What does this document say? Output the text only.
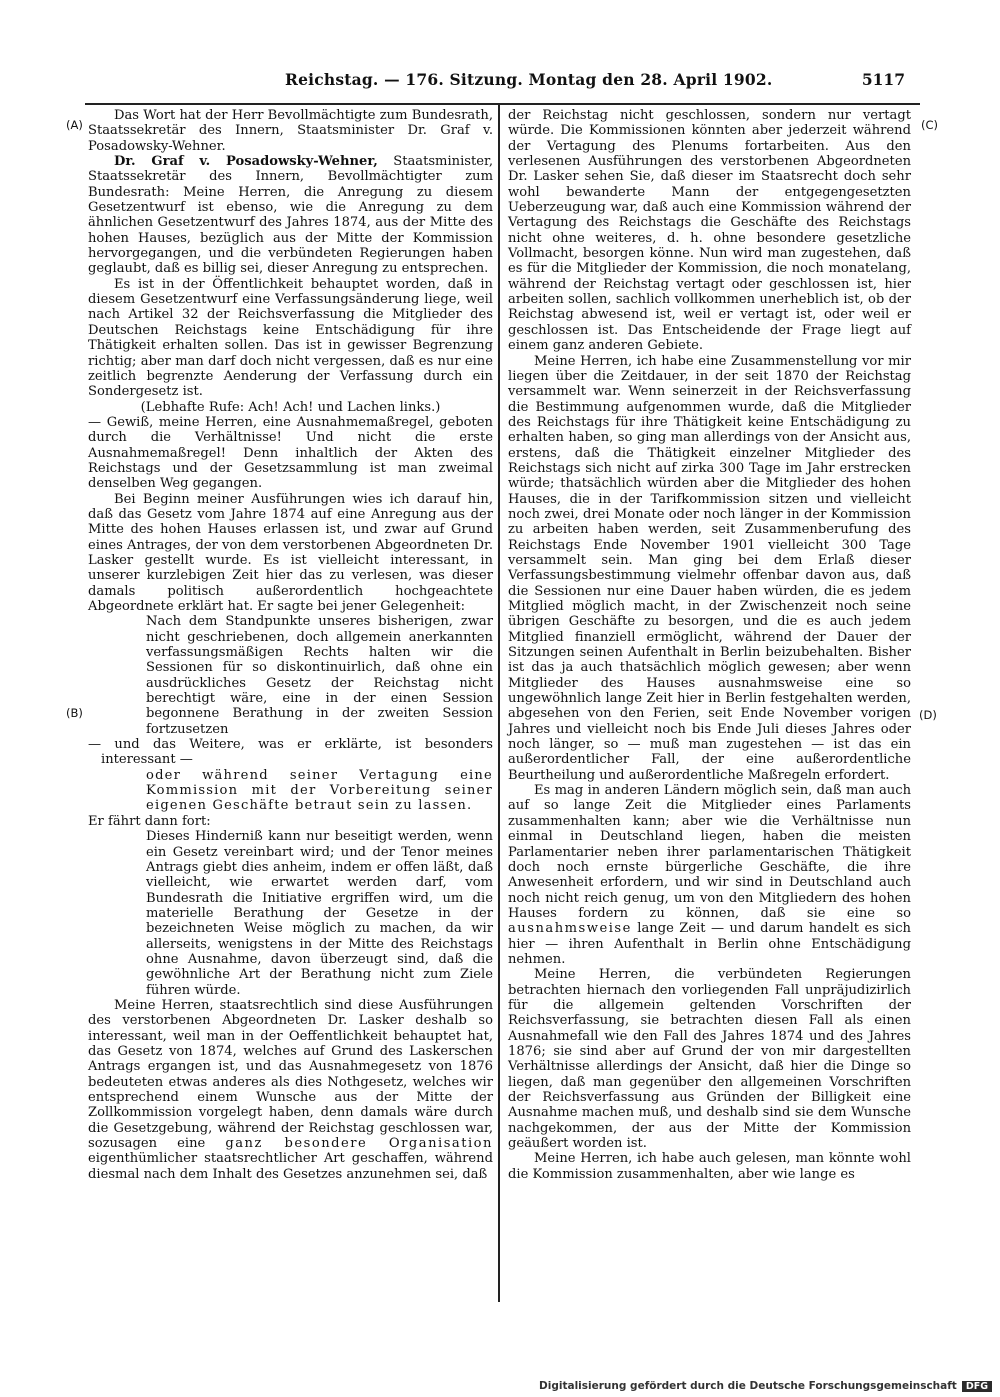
Reichstag. — 176. Sitzung. Montag den 28. April 1902.	5117
(A)
(B)
(C)
(D)

Das Wort hat der Herr Bevollmächtigte zum Bundesrath, Staatssekretär des Innern, Staatsminister Dr. Graf v. Posadowsky-Wehner.

Dr. Graf v. Posadowsky-Wehner, Staatsminister, Staatssekretär des Innern, Bevollmächtigter zum Bundesrath: Meine Herren, die Anregung zu diesem Gesetzentwurf ist ebenso, wie die Anregung zu dem ähnlichen Gesetzentwurf des Jahres 1874, aus der Mitte des hohen Hauses, bezüglich aus der Mitte der Kommission hervorgegangen, und die verbündeten Regierungen haben geglaubt, daß es billig sei, dieser Anregung zu entsprechen.

Es ist in der Öffentlichkeit behauptet worden, daß in diesem Gesetzentwurf eine Verfassungsänderung liege, weil nach Artikel 32 der Reichsverfassung die Mitglieder des Deutschen Reichstags keine Entschädigung für ihre Thätigkeit erhalten sollen. Das ist in gewisser Begrenzung richtig; aber man darf doch nicht vergessen, daß es nur eine zeitlich begrenzte Aenderung der Verfassung durch ein Sondergesetz ist.

(Lebhafte Rufe: Ach! Ach! und Lachen links.)

— Gewiß, meine Herren, eine Ausnahmemaßregel, geboten durch die Verhältnisse! Und nicht die erste Ausnahmemaßregel! Denn inhaltlich der Akten des Reichstags und der Gesetzsammlung ist man zweimal denselben Weg gegangen.

Bei Beginn meiner Ausführungen wies ich darauf hin, daß das Gesetz vom Jahre 1874 auf eine Anregung aus der Mitte des hohen Hauses erlassen ist, und zwar auf Grund eines Antrages, der von dem verstorbenen Abgeordneten Dr. Lasker gestellt wurde. Es ist vielleicht interessant, in unserer kurzlebigen Zeit hier das zu verlesen, was dieser damals politisch außerordentlich hochgeachtete Abgeordnete erklärt hat. Er sagte bei jener Gelegenheit:

Nach dem Standpunkte unseres bisherigen, zwar nicht geschriebenen, doch allgemein anerkannten verfassungsmäßigen Rechts halten wir die Sessionen für so diskontinuirlich, daß ohne ein ausdrückliches Gesetz der Reichstag nicht berechtigt wäre, eine in der einen Session begonnene Berathung in der zweiten Session fortzusetzen

— und das Weitere, was er erklärte, ist besonders interessant —

oder während seiner Vertagung eine Kommission mit der Vorbereitung seiner eigenen Geschäfte betraut sein zu lassen.

Er fährt dann fort:

Dieses Hinderniß kann nur beseitigt werden, wenn ein Gesetz vereinbart wird; und der Tenor meines Antrags giebt dies anheim, indem er offen läßt, daß vielleicht, wie erwartet werden darf, vom Bundesrath die Initiative ergriffen wird, um die materielle Berathung der Gesetze in der bezeichneten Weise möglich zu machen, da wir allerseits, wenigstens in der Mitte des Reichstags ohne Ausnahme, davon überzeugt sind, daß die gewöhnliche Art der Berathung nicht zum Ziele führen würde.

Meine Herren, staatsrechtlich sind diese Ausführungen des verstorbenen Abgeordneten Dr. Lasker deshalb so interessant, weil man in der Oeffentlichkeit behauptet hat, das Gesetz von 1874, welches auf Grund des Laskerschen Antrags ergangen ist, und das Ausnahmegesetz von 1876 bedeuteten etwas anderes als dies Nothgesetz, welches wir entsprechend einem Wunsche aus der Mitte der Zollkommission vorgelegt haben, denn damals wäre durch die Gesetzgebung, während der Reichstag geschlossen war, sozusagen eine ganz besondere Organisation eigenthümlicher staatsrechtlicher Art geschaffen, während diesmal nach dem Inhalt des Gesetzes anzunehmen sei, daß

der Reichstag nicht geschlossen, sondern nur vertagt würde. Die Kommissionen könnten aber jederzeit während der Vertagung des Plenums fortarbeiten. Aus den verlesenen Ausführungen des verstorbenen Abgeordneten Dr. Lasker sehen Sie, daß dieser im Staatsrecht doch sehr wohl bewanderte Mann der entgegengesetzten Ueberzeugung war, daß auch eine Kommission während der Vertagung des Reichstags die Geschäfte des Reichstags nicht ohne weiteres, d. h. ohne besondere gesetzliche Vollmacht, besorgen könne. Nun wird man zugestehen, daß es für die Mitglieder der Kommission, die noch monatelang, während der Reichstag vertagt oder geschlossen ist, hier arbeiten sollen, sachlich vollkommen unerheblich ist, ob der Reichstag abwesend ist, weil er vertagt ist, oder weil er geschlossen ist. Das Entscheidende der Frage liegt auf einem ganz anderen Gebiete.

Meine Herren, ich habe eine Zusammenstellung vor mir liegen über die Zeitdauer, in der seit 1870 der Reichstag versammelt war. Wenn seinerzeit in der Reichsverfassung die Bestimmung aufgenommen wurde, daß die Mitglieder des Reichstags für ihre Thätigkeit keine Entschädigung zu erhalten haben, so ging man allerdings von der Ansicht aus, erstens, daß die Thätigkeit einzelner Mitglieder des Reichstags sich nicht auf zirka 300 Tage im Jahr erstrecken würde; thatsächlich würden aber die Mitglieder des hohen Hauses, die in der Tarifkommission sitzen und vielleicht noch zwei, drei Monate oder noch länger in der Kommission zu arbeiten haben werden, seit Zusammenberufung des Reichstags Ende November 1901 vielleicht 300 Tage versammelt sein. Man ging bei dem Erlaß dieser Verfassungsbestimmung vielmehr offenbar davon aus, daß die Sessionen nur eine Dauer haben würden, die es jedem Mitglied möglich macht, in der Zwischenzeit noch seine übrigen Geschäfte zu besorgen, und die es auch jedem Mitglied finanziell ermöglicht, während der Dauer der Sitzungen seinen Aufenthalt in Berlin beizubehalten. Bisher ist das ja auch thatsächlich möglich gewesen; aber wenn Mitglieder des Hauses ausnahmsweise eine so ungewöhnlich lange Zeit hier in Berlin festgehalten werden, abgesehen von den Ferien, seit Ende November vorigen Jahres und vielleicht noch bis Ende Juli dieses Jahres oder noch länger, so — muß man zugestehen — ist das ein außerordentlicher Fall, der eine außerordentliche Beurtheilung und außerordentliche Maßregeln erfordert.

Es mag in anderen Ländern möglich sein, daß man auch auf so lange Zeit die Mitglieder eines Parlaments zusammenhalten kann; aber wie die Verhältnisse nun einmal in Deutschland liegen, haben die meisten Parlamentarier neben ihrer parlamentarischen Thätigkeit doch noch ernste bürgerliche Geschäfte, die ihre Anwesenheit erfordern, und wir sind in Deutschland auch noch nicht reich genug, um von den Mitgliedern des hohen Hauses fordern zu können, daß sie eine so ausnahmsweise lange Zeit — und darum handelt es sich hier — ihren Aufenthalt in Berlin ohne Entschädigung nehmen.

Meine Herren, die verbündeten Regierungen betrachten hiernach den vorliegenden Fall unpräjudizirlich für die allgemein geltenden Vorschriften der Reichsverfassung, sie betrachten diesen Fall als einen Ausnahmefall wie den Fall des Jahres 1874 und des Jahres 1876; sie sind aber auf Grund der von mir dargestellten Verhältnisse allerdings der Ansicht, daß hier die Dinge so liegen, daß man gegenüber den allgemeinen Vorschriften der Reichsverfassung aus Gründen der Billigkeit eine Ausnahme machen muß, und deshalb sind sie dem Wunsche nachgekommen, der aus der Mitte der Kommission geäußert worden ist.

Meine Herren, ich habe auch gelesen, man könnte wohl die Kommission zusammenhalten, aber wie lange es

Digitalisierung gefördert durch die Deutsche Forschungsgemeinschaft DFG
